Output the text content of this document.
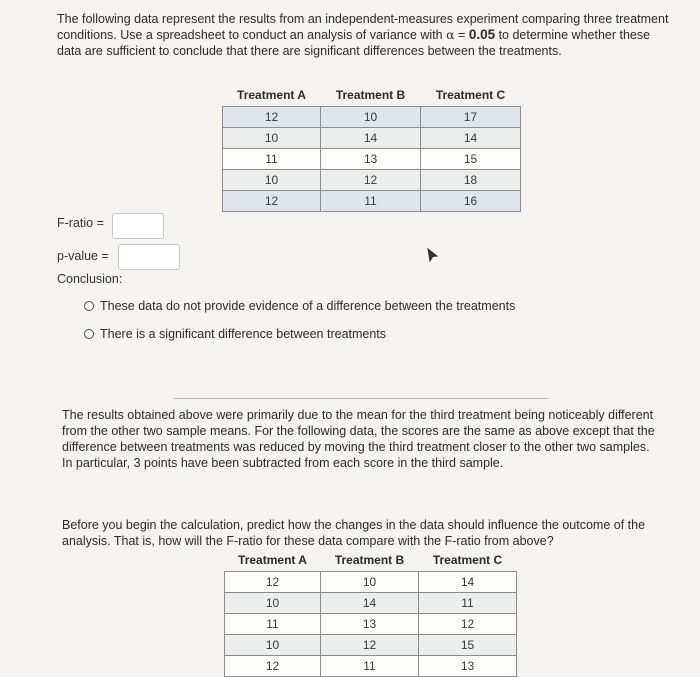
The following data represent the results from an independent-measures experiment comparing three treatment conditions. Use a spreadsheet to conduct an analysis of variance with α = 0.05 to determine whether these data are sufficient to conclude that there are significant differences between the treatments.
Treatment A	Treatment B	Treatment C
12	10	17
10	14	14
11	13	15
10	12	18
12	11	16
F-ratio =
p-value =
Conclusion:
These data do not provide evidence of a difference between the treatments
There is a significant difference between treatments
The results obtained above were primarily due to the mean for the third treatment being noticeably different from the other two sample means. For the following data, the scores are the same as above except that the difference between treatments was reduced by moving the third treatment closer to the other two samples. In particular, 3 points have been subtracted from each score in the third sample.
Before you begin the calculation, predict how the changes in the data should influence the outcome of the analysis. That is, how will the F-ratio for these data compare with the F-ratio from above?
Treatment A	Treatment B	Treatment C
12	10	14
10	14	11
11	13	12
10	12	15
12	11	13
